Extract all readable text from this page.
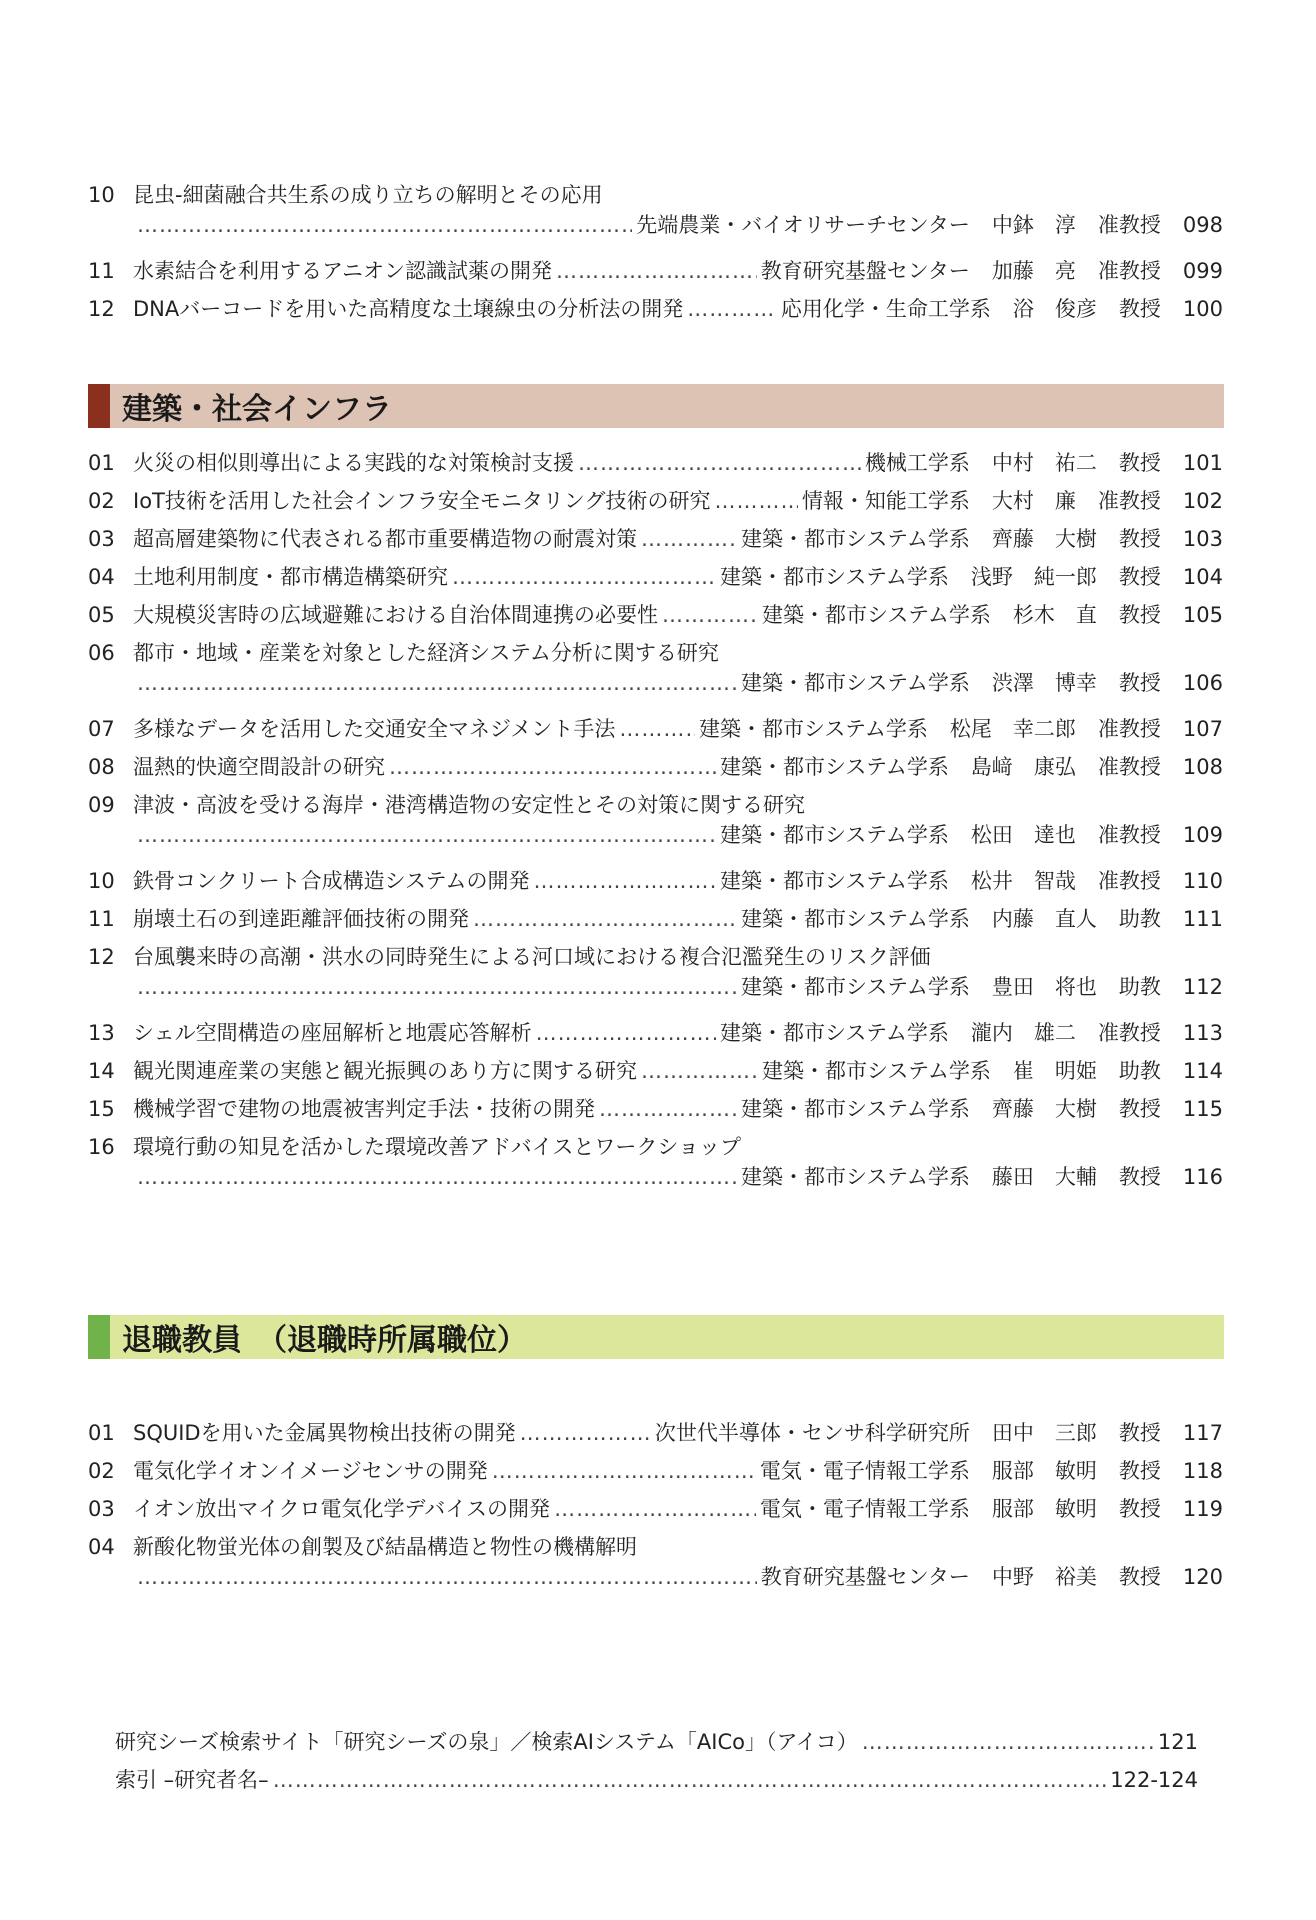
10 昆虫-細菌融合共生系の成り立ちの解明とその応用
…………………………………………………………………………………………………………………………………………………………………………
先端農業・バイオリサーチセンター 中鉢　淳 准教授 098
11 水素結合を利用するアニオン認識試薬の開発 …………………………………………………………………………………………………………………………………………………………………………	教育研究基盤センター 加藤　亮 准教授 099
12 DNAバーコードを用いた高精度な土壌線虫の分析法の開発 …………………………………………………………………………………………………………………………………………………………………………	応用化学・生命工学系 浴　俊彦 教授 100
建築・社会インフラ
01 火災の相似則導出による実践的な対策検討支援 …………………………………………………………………………………………………………………………………………………………………………	機械工学系 中村　祐二 教授 101
02 IoT技術を活用した社会インフラ安全モニタリング技術の研究 …………………………………………………………………………………………………………………………………………………………………………	情報・知能工学系 大村　廉 准教授 102
03 超高層建築物に代表される都市重要構造物の耐震対策 …………………………………………………………………………………………………………………………………………………………………………	建築・都市システム学系 齊藤　大樹 教授 103
04 土地利用制度・都市構造構築研究 …………………………………………………………………………………………………………………………………………………………………………	建築・都市システム学系 浅野　純一郎 教授 104
05 大規模災害時の広域避難における自治体間連携の必要性 …………………………………………………………………………………………………………………………………………………………………………	建築・都市システム学系 杉木　直 教授 105
06 都市・地域・産業を対象とした経済システム分析に関する研究
…………………………………………………………………………………………………………………………………………………………………………
建築・都市システム学系 渋澤　博幸 教授 106
07 多様なデータを活用した交通安全マネジメント手法 …………………………………………………………………………………………………………………………………………………………………………	建築・都市システム学系 松尾　幸二郎 准教授 107
08 温熱的快適空間設計の研究 …………………………………………………………………………………………………………………………………………………………………………	建築・都市システム学系 島﨑　康弘 准教授 108
09 津波・高波を受ける海岸・港湾構造物の安定性とその対策に関する研究
…………………………………………………………………………………………………………………………………………………………………………
建築・都市システム学系 松田　達也 准教授 109
10 鉄骨コンクリート合成構造システムの開発 …………………………………………………………………………………………………………………………………………………………………………	建築・都市システム学系 松井　智哉 准教授 110
11 崩壊土石の到達距離評価技術の開発 …………………………………………………………………………………………………………………………………………………………………………	建築・都市システム学系 内藤　直人 助教 111
12 台風襲来時の高潮・洪水の同時発生による河口域における複合氾濫発生のリスク評価
…………………………………………………………………………………………………………………………………………………………………………
建築・都市システム学系 豊田　将也 助教 112
13 シェル空間構造の座屈解析と地震応答解析 …………………………………………………………………………………………………………………………………………………………………………	建築・都市システム学系 瀧内　雄二 准教授 113
14 観光関連産業の実態と観光振興のあり方に関する研究 …………………………………………………………………………………………………………………………………………………………………………	建築・都市システム学系 崔　明姫 助教 114
15 機械学習で建物の地震被害判定手法・技術の開発 …………………………………………………………………………………………………………………………………………………………………………	建築・都市システム学系 齊藤　大樹 教授 115
16 環境行動の知見を活かした環境改善アドバイスとワークショップ
…………………………………………………………………………………………………………………………………………………………………………
建築・都市システム学系 藤田　大輔 教授 116
退職教員　（退職時所属職位）
01 SQUIDを用いた金属異物検出技術の開発 …………………………………………………………………………………………………………………………………………………………………………	次世代半導体・センサ科学研究所 田中　三郎 教授 117
02 電気化学イオンイメージセンサの開発 …………………………………………………………………………………………………………………………………………………………………………	電気・電子情報工学系 服部　敏明 教授 118
03 イオン放出マイクロ電気化学デバイスの開発 …………………………………………………………………………………………………………………………………………………………………………	電気・電子情報工学系 服部　敏明 教授 119
04 新酸化物蛍光体の創製及び結晶構造と物性の機構解明
…………………………………………………………………………………………………………………………………………………………………………
教育研究基盤センター 中野　裕美 教授 120
研究シーズ検索サイト「研究シーズの泉」／検索AIシステム「AICo」（アイコ） …………………………………………………………………………………………………………………………………………………………………………	121
索引 –研究者名– …………………………………………………………………………………………………………………………………………………………………………	122-124
